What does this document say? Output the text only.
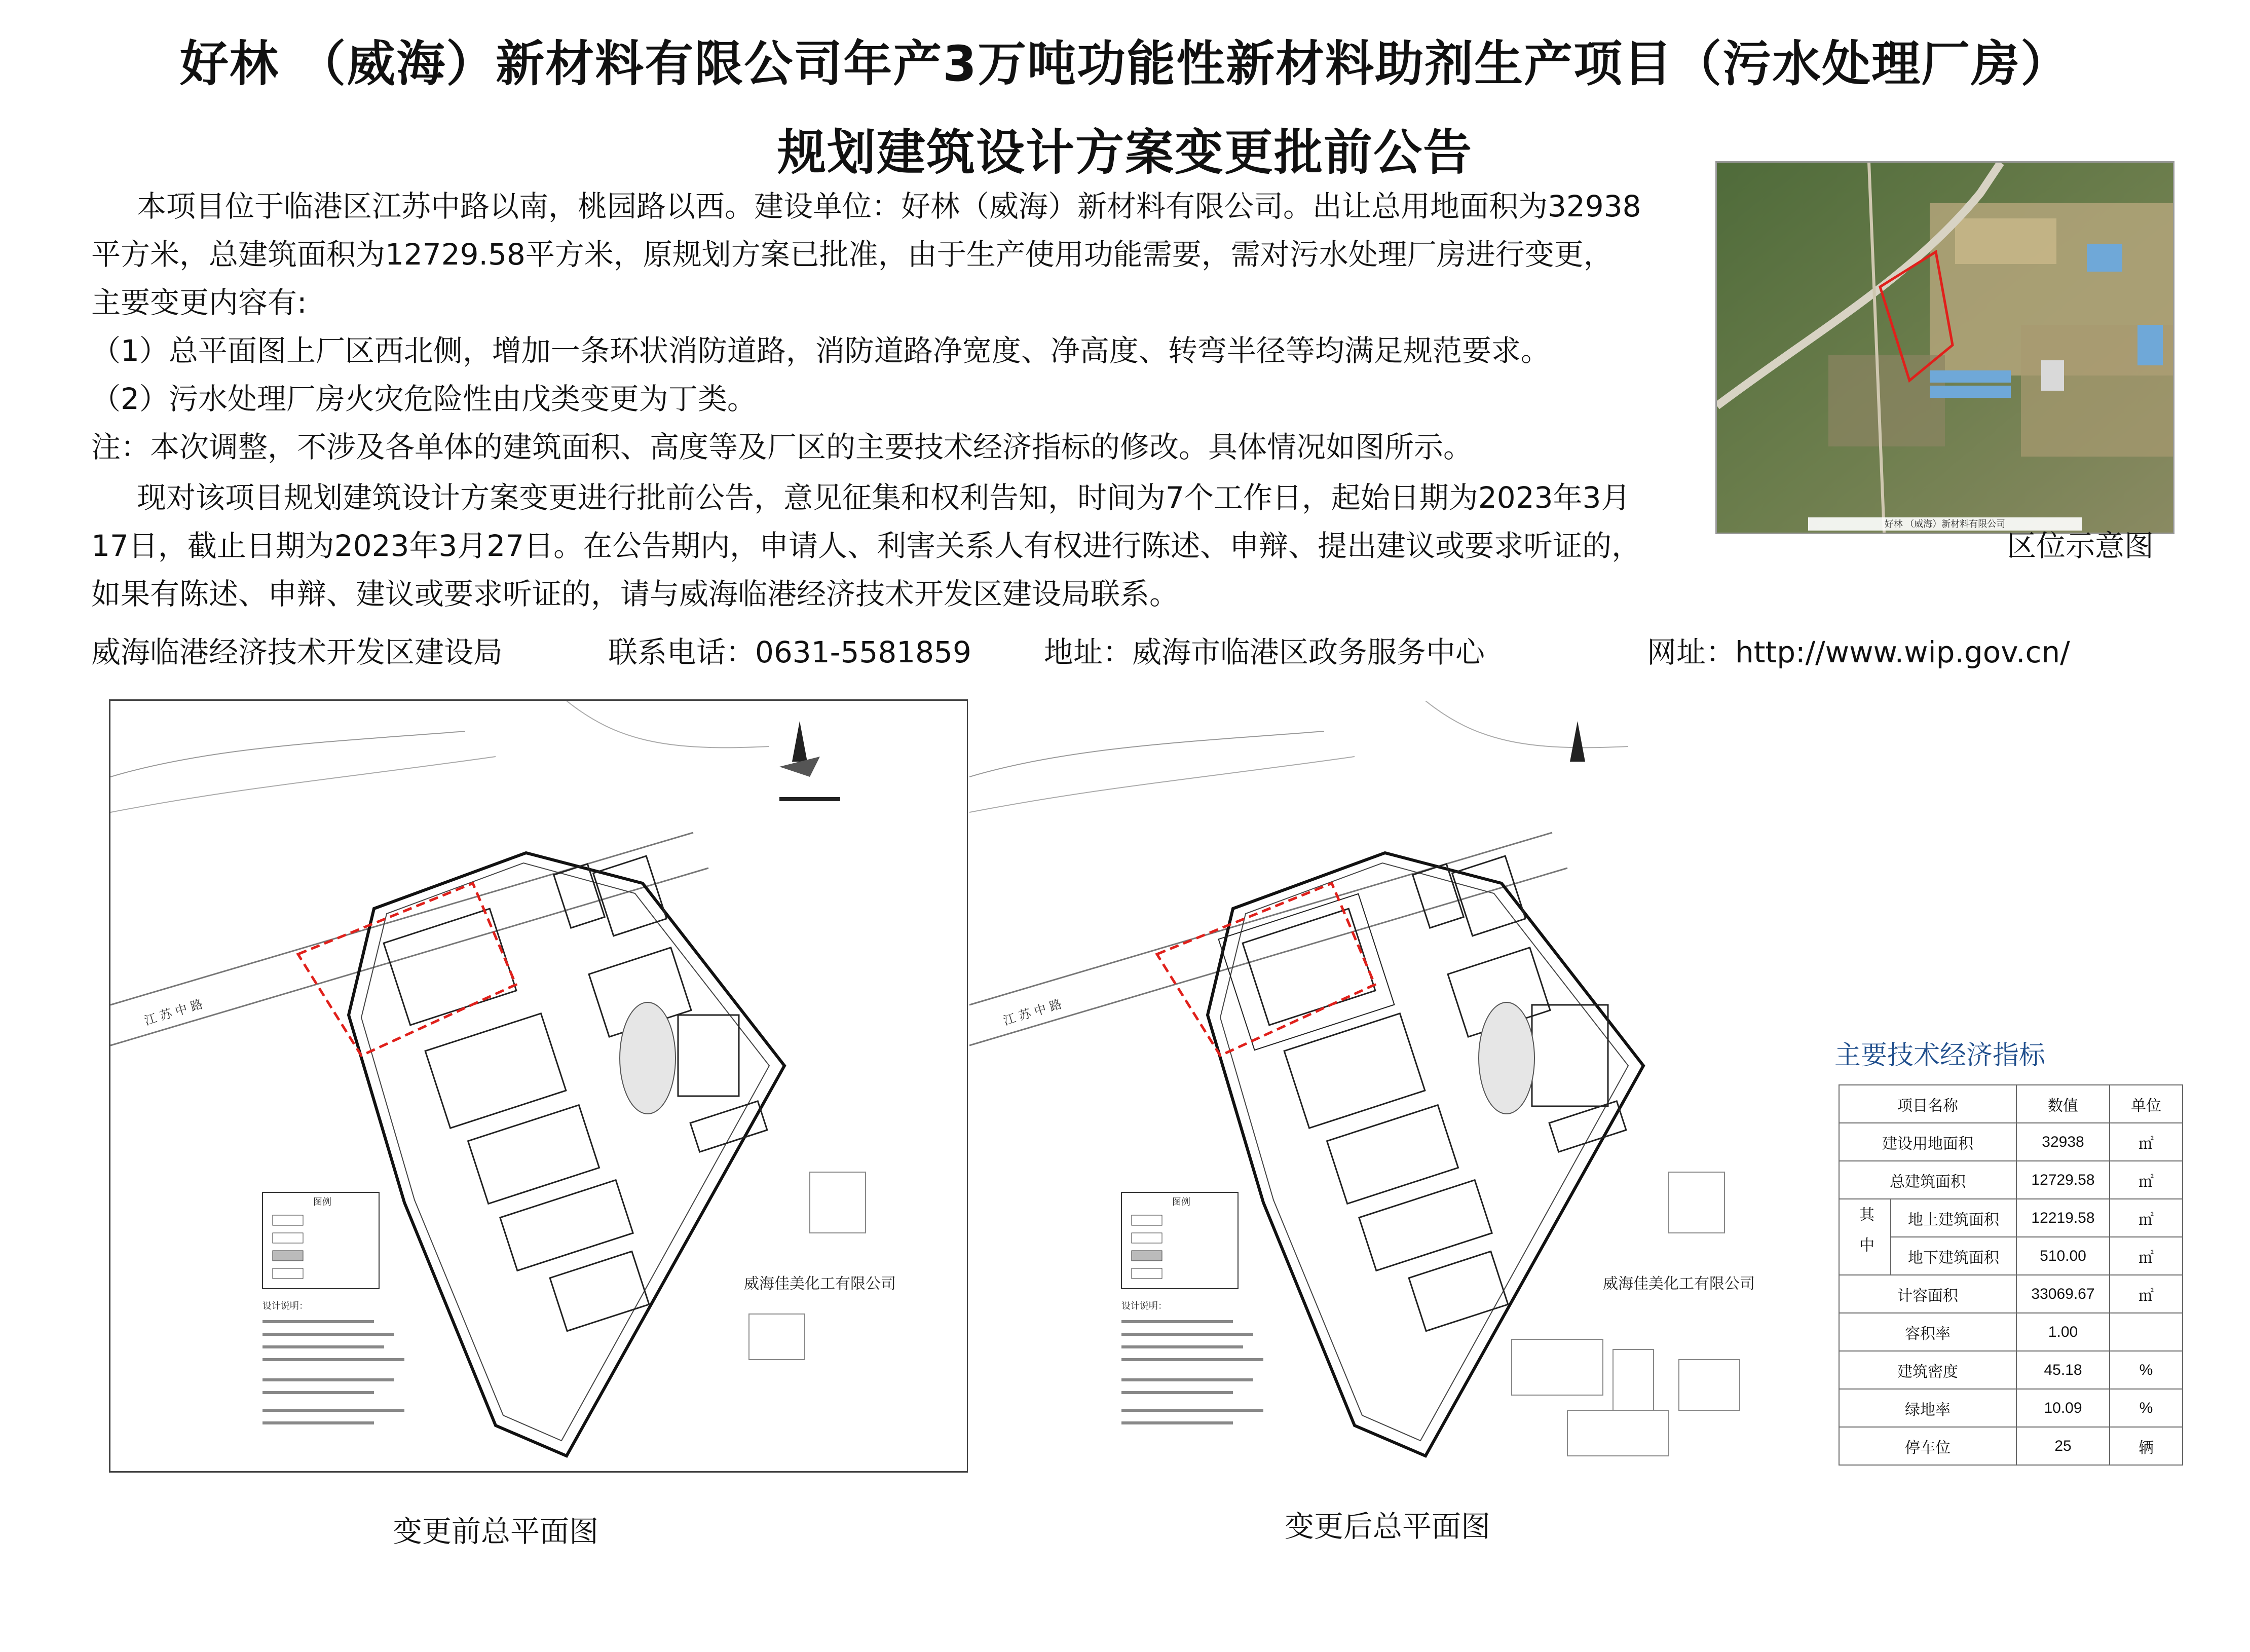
好林 （威海）新材料有限公司年产3万吨功能性新材料助剂生产项目（污水处理厂房）
规划建筑设计方案变更批前公告
本项目位于临港区江苏中路以南，桃园路以西。建设单位：好林（威海）新材料有限公司。出让总用地面积为32938
平方米，总建筑面积为12729.58平方米，原规划方案已批准，由于生产使用功能需要，需对污水处理厂房进行变更，
主要变更内容有:
（1）总平面图上厂区西北侧，增加一条环状消防道路，消防道路净宽度、净高度、转弯半径等均满足规范要求。
（2）污水处理厂房火灾危险性由戊类变更为丁类。
注：本次调整，不涉及各单体的建筑面积、高度等及厂区的主要技术经济指标的修改。具体情况如图所示。
现对该项目规划建筑设计方案变更进行批前公告，意见征集和权利告知，时间为7个工作日，起始日期为2023年3月
17日，截止日期为2023年3月27日。在公告期内，申请人、利害关系人有权进行陈述、申辩、提出建议或要求听证的，
如果有陈述、申辩、建议或要求听证的，请与威海临港经济技术开发区建设局联系。
威海临港经济技术开发区建设局	联系电话：0631-5581859 地址：威海市临港区政务服务中心	网址：http://www.wip.gov.cn/
好林 （威海）新材料有限公司
区位示意图
江 苏 中 路
威海佳美化工有限公司
图例
设计说明：
变更前总平面图
江 苏 中 路
威海佳美化工有限公司
图例
设计说明：
变更后总平面图
主要技术经济指标
项目名称		数值	单位
建设用地面积		32938	㎡
总建筑面积		12729.58	㎡
其中	地上建筑面积	12219.58	㎡
	地下建筑面积	510.00	㎡
计容面积		33069.67	㎡
容积率		1.00	
建筑密度		45.18	%
绿地率		10.09	%
停车位		25	辆
